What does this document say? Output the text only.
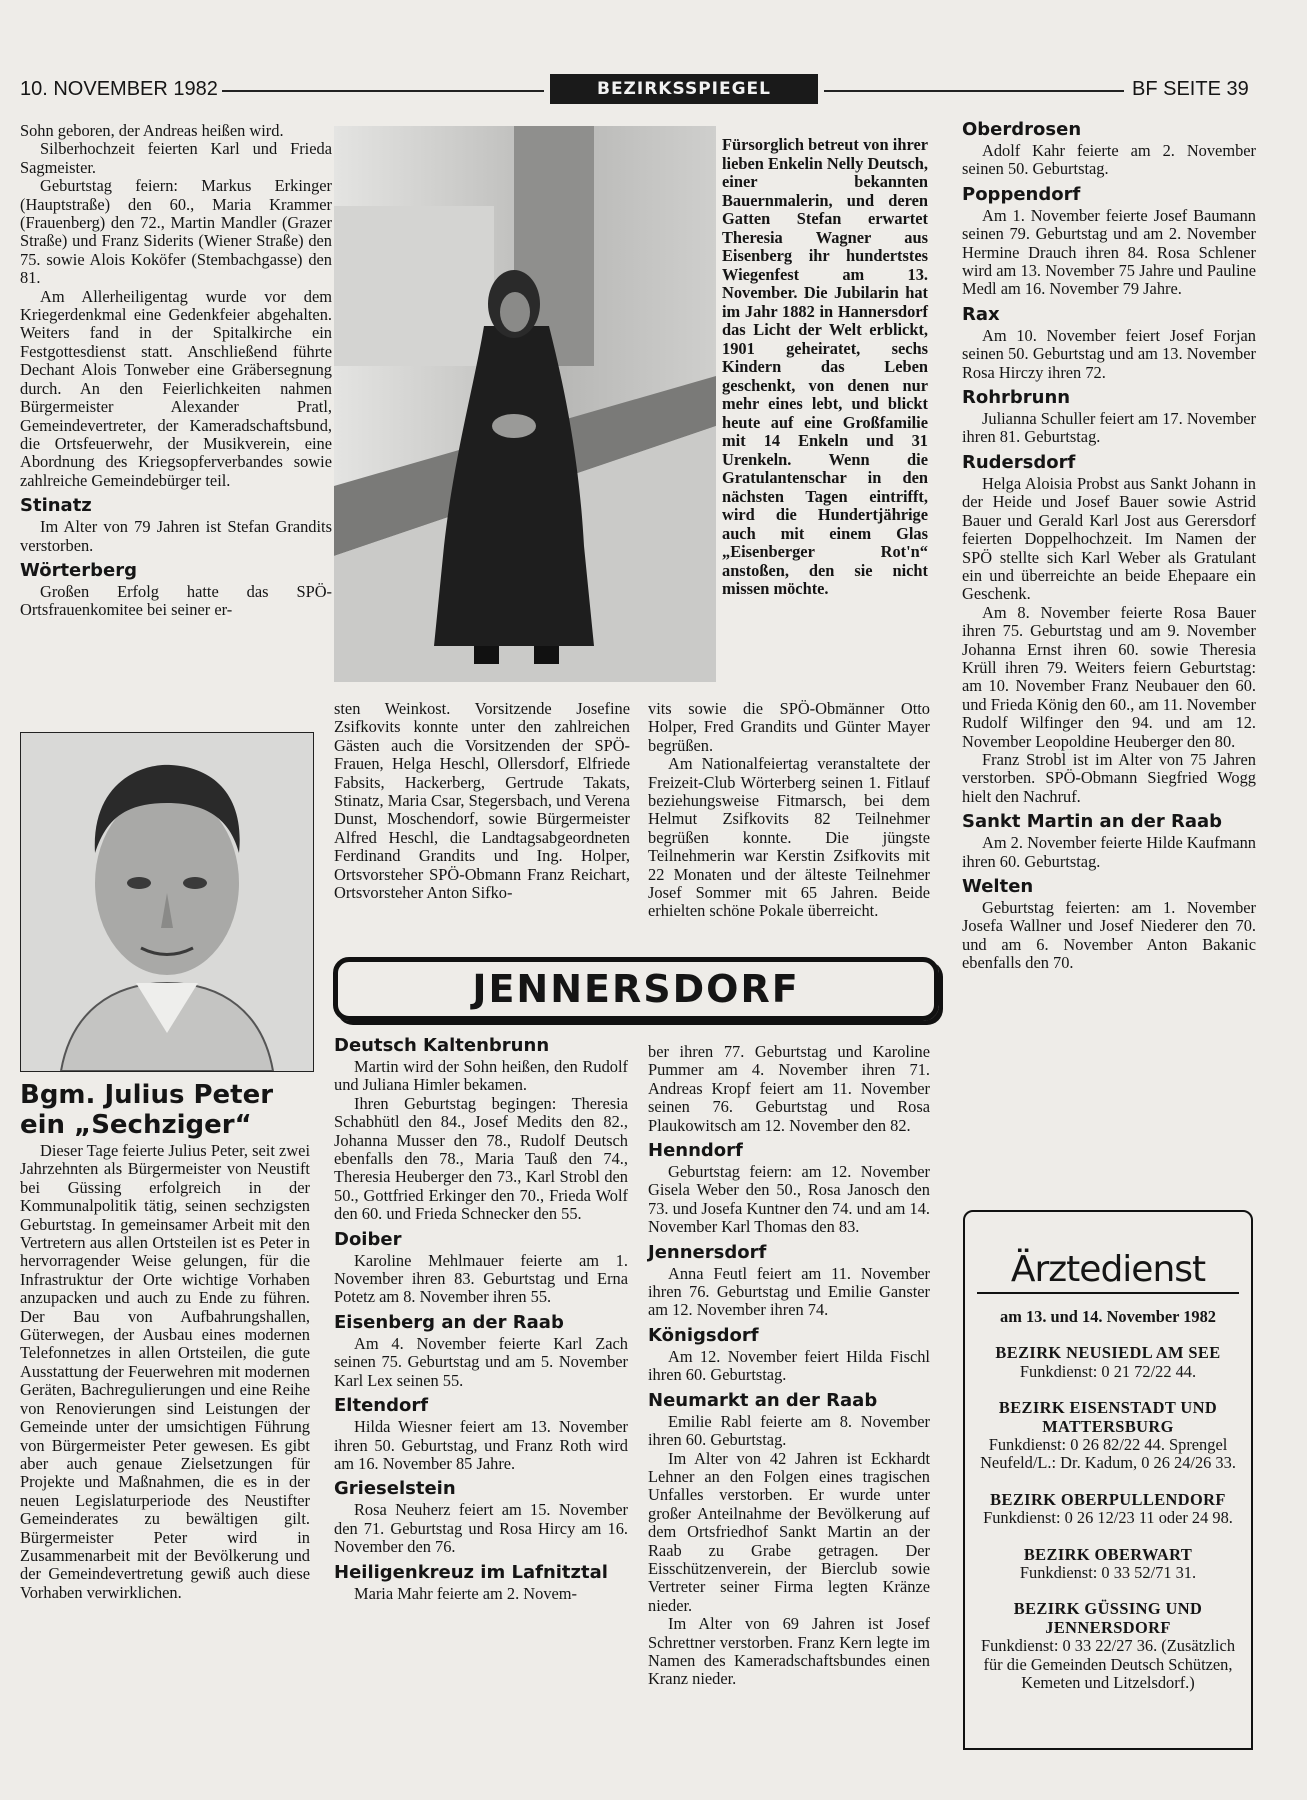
10. NOVEMBER 1982	BEZIRKSSPIEGEL	BF SEITE 39

Sohn geboren, der Andreas heißen wird.

Silberhochzeit feierten Karl und Frieda Sagmeister.

Geburtstag feiern: Markus Erkinger (Hauptstraße) den 60., Maria Krammer (Frauenberg) den 72., Martin Mandler (Grazer Straße) und Franz Siderits (Wiener Straße) den 75. sowie Alois Koköfer (Stembachgasse) den 81.

Am Allerheiligentag wurde vor dem Kriegerdenkmal eine Gedenkfeier abgehalten. Weiters fand in der Spitalkirche ein Festgottesdienst statt. Anschließend führte Dechant Alois Tonweber eine Gräbersegnung durch. An den Feierlichkeiten nahmen Bürgermeister Alexander Pratl, Gemeindevertreter, der Kameradschaftsbund, die Ortsfeuerwehr, der Musikverein, eine Abordnung des Kriegsopferverbandes sowie zahlreiche Gemeindebürger teil.

Stinatz

Im Alter von 79 Jahren ist Stefan Grandits verstorben.

Wörterberg

Großen Erfolg hatte das SPÖ-Ortsfrauenkomitee bei seiner er-

Fürsorglich betreut von ihrer lieben Enkelin Nelly Deutsch, einer bekannten Bauernmalerin, und deren Gatten Stefan erwartet Theresia Wagner aus Eisenberg ihr hundertstes Wiegenfest am 13. November. Die Jubilarin hat im Jahr 1882 in Hannersdorf das Licht der Welt erblickt, 1901 geheiratet, sechs Kindern das Leben geschenkt, von denen nur mehr eines lebt, und blickt heute auf eine Großfamilie mit 14 Enkeln und 31 Urenkeln. Wenn die Gratulantenschar in den nächsten Tagen eintrifft, wird die Hundertjährige auch mit einem Glas „Eisenberger Rot'n“ anstoßen, den sie nicht missen möchte.

sten Weinkost. Vorsitzende Josefine Zsifkovits konnte unter den zahlreichen Gästen auch die Vorsitzenden der SPÖ-Frauen, Helga Heschl, Ollersdorf, Elfriede Fabsits, Hackerberg, Gertrude Takats, Stinatz, Maria Csar, Stegersbach, und Verena Dunst, Moschendorf, sowie Bürgermeister Alfred Heschl, die Landtagsabgeordneten Ferdinand Grandits und Ing. Holper, Ortsvorsteher SPÖ-Obmann Franz Reichart, Ortsvorsteher Anton Sifko-

vits sowie die SPÖ-Obmänner Otto Holper, Fred Grandits und Günter Mayer begrüßen.

Am Nationalfeiertag veranstaltete der Freizeit-Club Wörterberg seinen 1. Fitlauf beziehungsweise Fitmarsch, bei dem Helmut Zsifkovits 82 Teilnehmer begrüßen konnte. Die jüngste Teilnehmerin war Kerstin Zsifkovits mit 22 Monaten und der älteste Teilnehmer Josef Sommer mit 65 Jahren. Beide erhielten schöne Pokale überreicht.

Bgm. Julius Peter
ein „Sechziger“

Dieser Tage feierte Julius Peter, seit zwei Jahrzehnten als Bürgermeister von Neustift bei Güssing erfolgreich in der Kommunalpolitik tätig, seinen sechzigsten Geburtstag. In gemeinsamer Arbeit mit den Vertretern aus allen Ortsteilen ist es Peter in hervorragender Weise gelungen, für die Infrastruktur der Orte wichtige Vorhaben anzupacken und auch zu Ende zu führen. Der Bau von Aufbahrungshallen, Güterwegen, der Ausbau eines modernen Telefonnetzes in allen Ortsteilen, die gute Ausstattung der Feuerwehren mit modernen Geräten, Bachregulierungen und eine Reihe von Renovierungen sind Leistungen der Gemeinde unter der umsichtigen Führung von Bürgermeister Peter gewesen. Es gibt aber auch genaue Zielsetzungen für Projekte und Maßnahmen, die es in der neuen Legislaturperiode des Neustifter Gemeinderates zu bewältigen gilt. Bürgermeister Peter wird in Zusammenarbeit mit der Bevölkerung und der Gemeindevertretung gewiß auch diese Vorhaben verwirklichen.

JENNERSDORF
Deutsch Kaltenbrunn

Martin wird der Sohn heißen, den Rudolf und Juliana Himler bekamen.

Ihren Geburtstag begingen: Theresia Schabhütl den 84., Josef Medits den 82., Johanna Musser den 78., Rudolf Deutsch ebenfalls den 78., Maria Tauß den 74., Theresia Heuberger den 73., Karl Strobl den 50., Gottfried Erkinger den 70., Frieda Wolf den 60. und Frieda Schnecker den 55.

Doiber

Karoline Mehlmauer feierte am 1. November ihren 83. Geburtstag und Erna Potetz am 8. November ihren 55.

Eisenberg an der Raab

Am 4. November feierte Karl Zach seinen 75. Geburtstag und am 5. November Karl Lex seinen 55.

Eltendorf

Hilda Wiesner feiert am 13. November ihren 50. Geburtstag, und Franz Roth wird am 16. November 85 Jahre.

Grieselstein

Rosa Neuherz feiert am 15. November den 71. Geburtstag und Rosa Hircy am 16. November den 76.

Heiligenkreuz im Lafnitztal

Maria Mahr feierte am 2. Novem-

ber ihren 77. Geburtstag und Karoline Pummer am 4. November ihren 71. Andreas Kropf feiert am 11. November seinen 76. Geburtstag und Rosa Plaukowitsch am 12. November den 82.

Henndorf

Geburtstag feiern: am 12. November Gisela Weber den 50., Rosa Janosch den 73. und Josefa Kuntner den 74. und am 14. November Karl Thomas den 83.

Jennersdorf

Anna Feutl feiert am 11. November ihren 76. Geburtstag und Emilie Ganster am 12. November ihren 74.

Königsdorf

Am 12. November feiert Hilda Fischl ihren 60. Geburtstag.

Neumarkt an der Raab

Emilie Rabl feierte am 8. November ihren 60. Geburtstag.

Im Alter von 42 Jahren ist Eckhardt Lehner an den Folgen eines tragischen Unfalles verstorben. Er wurde unter großer Anteilnahme der Bevölkerung auf dem Ortsfriedhof Sankt Martin an der Raab zu Grabe getragen. Der Eisschützenverein, der Bierclub sowie Vertreter seiner Firma legten Kränze nieder.

Im Alter von 69 Jahren ist Josef Schrettner verstorben. Franz Kern legte im Namen des Kameradschaftsbundes einen Kranz nieder.

Oberdrosen

Adolf Kahr feierte am 2. November seinen 50. Geburtstag.

Poppendorf

Am 1. November feierte Josef Baumann seinen 79. Geburtstag und am 2. November Hermine Drauch ihren 84. Rosa Schlener wird am 13. November 75 Jahre und Pauline Medl am 16. November 79 Jahre.

Rax

Am 10. November feiert Josef Forjan seinen 50. Geburtstag und am 13. November Rosa Hirczy ihren 72.

Rohrbrunn

Julianna Schuller feiert am 17. November ihren 81. Geburtstag.

Rudersdorf

Helga Aloisia Probst aus Sankt Johann in der Heide und Josef Bauer sowie Astrid Bauer und Gerald Karl Jost aus Gerersdorf feierten Doppelhochzeit. Im Namen der SPÖ stellte sich Karl Weber als Gratulant ein und überreichte an beide Ehepaare ein Geschenk.

Am 8. November feierte Rosa Bauer ihren 75. Geburtstag und am 9. November Johanna Ernst ihren 60. sowie Theresia Krüll ihren 79. Weiters feiern Geburtstag: am 10. November Franz Neubauer den 60. und Frieda König den 60., am 11. November Rudolf Wilfinger den 94. und am 12. November Leopoldine Heuberger den 80.

Franz Strobl ist im Alter von 75 Jahren verstorben. SPÖ-Obmann Siegfried Wogg hielt den Nachruf.

Sankt Martin an der Raab

Am 2. November feierte Hilde Kaufmann ihren 60. Geburtstag.

Welten

Geburtstag feierten: am 1. November Josefa Wallner und Josef Niederer den 70. und am 6. November Anton Bakanic ebenfalls den 70.

Ärztedienst
am 13. und 14. November 1982
BEZIRK NEUSIEDL AM SEE
Funkdienst: 0 21 72/22 44.
BEZIRK EISENSTADT UND MATTERSBURG
Funkdienst: 0 26 82/22 44. Sprengel Neufeld/L.: Dr. Kadum, 0 26 24/26 33.
BEZIRK OBERPULLENDORF
Funkdienst: 0 26 12/23 11 oder 24 98.
BEZIRK OBERWART
Funkdienst: 0 33 52/71 31.
BEZIRK GÜSSING UND JENNERSDORF
Funkdienst: 0 33 22/27 36. (Zusätzlich für die Gemeinden Deutsch Schützen, Kemeten und Litzelsdorf.)
